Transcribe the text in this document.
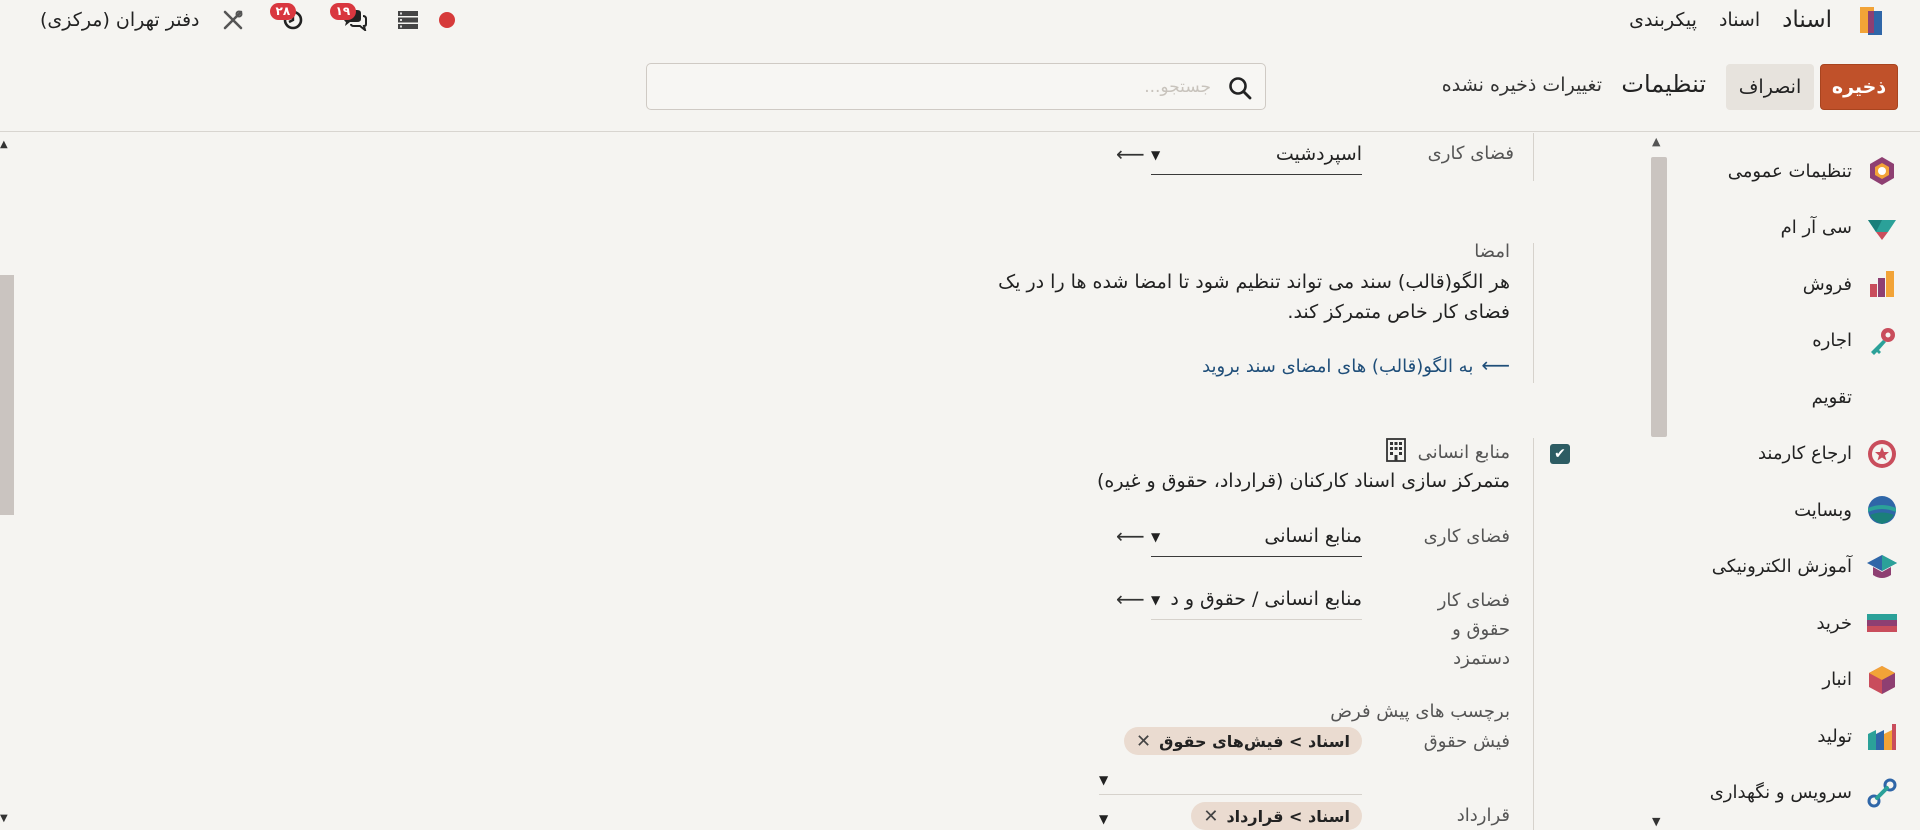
دفتر تهران (مرکزی)	۲۸	۱۹	اسناد
اسناد
پیکربندی
ذخیره
انصراف
تنظیمات
تغییرات ذخیره نشده
جستجو...
▲
▼
فضای کاری
اسپردشیت
▼
⟵
امضا
هر الگو(قالب) سند می تواند تنظیم شود تا امضا شده ها را در یک
فضای کار خاص متمرکز کند.
⟵به الگو(قالب) های امضای سند بروید
✔
منابع انسانی
متمرکز سازی اسناد کارکنان (قرارداد، حقوق و غیره)
فضای کاری
منابع انسانی
▼
⟵
فضای کار
حقوق و
دستمزد
منابع انسانی / حقوق و د
▼
⟵
برچسب های پیش فرض
فیش حقوق
اسناد > فیش‌های حقوق
✕
▼
قرارداد
اسناد > قرارداد
✕
▼
▲
▼
تنظیمات عمومی
سی آر ام
فروش
اجاره
تقویم
ارجاع کارمند
وبسایت
آموزش الکترونیکی
خرید
انبار
تولید
سرویس و نگهداری
